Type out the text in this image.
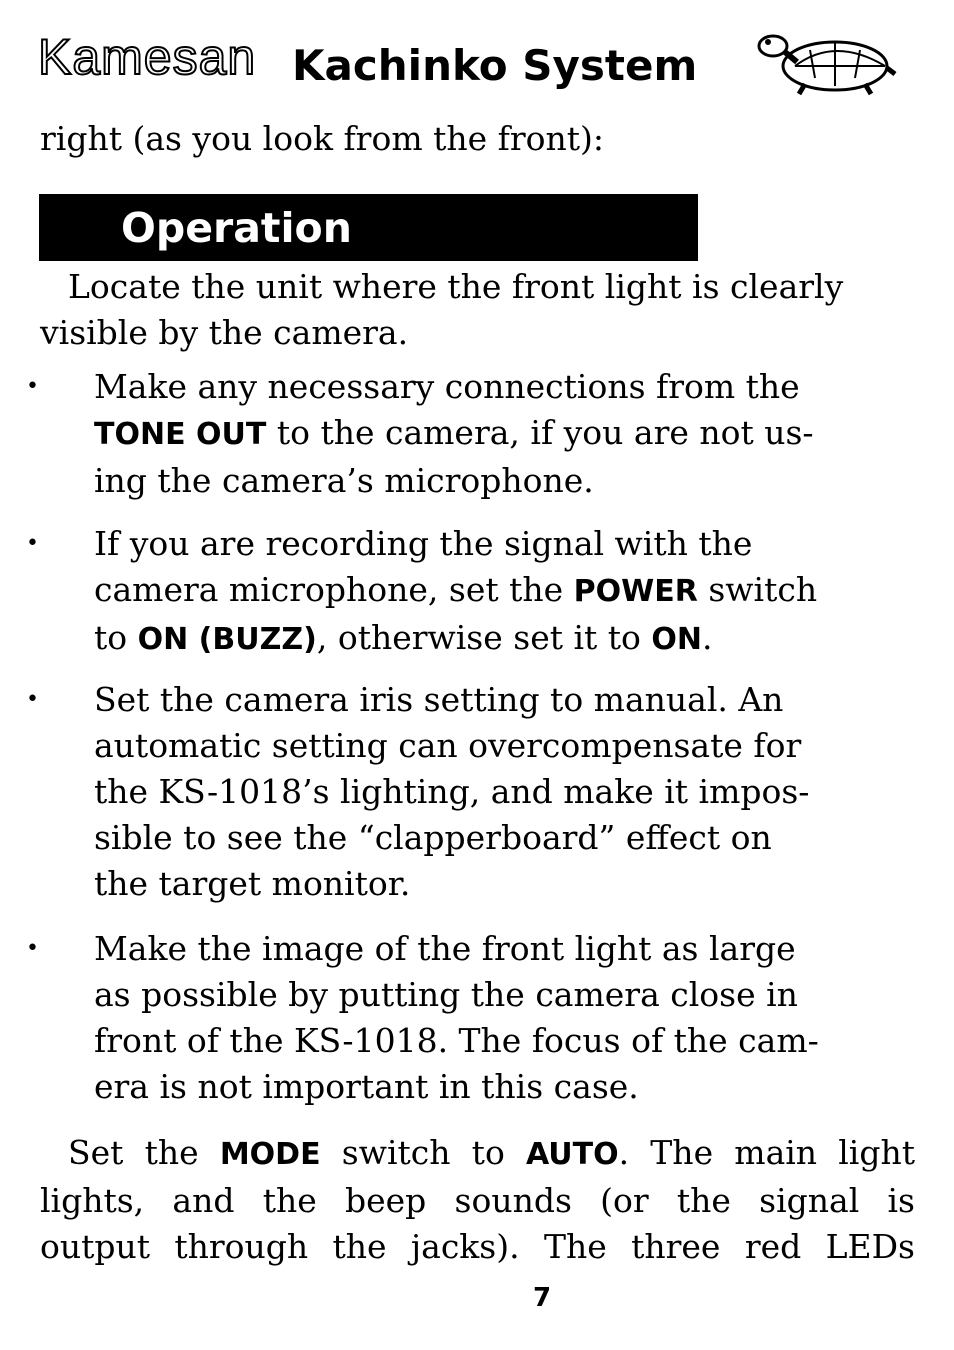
Kamesan Kachinko System
right (as you look from the front):
Operation

Locate the unit where the front light is clearly visible by the camera.

• Make any necessary connections from the
TONE OUT to the camera, if you are not us-
ing the camera’s microphone.
• If you are recording the signal with the
camera microphone, set the POWER switch
to ON (BUZZ), otherwise set it to ON.
• Set the camera iris setting to manual. An
automatic setting can overcompensate for
the KS-1018’s lighting, and make it impos-
sible to see the “clapperboard” effect on
the target monitor.
• Make the image of the front light as large
as possible by putting the camera close in
front of the KS-1018. The focus of the cam-
era is not important in this case.
Set the MODE switch to AUTO. The main light
lights, and the beep sounds (or the signal is
output through the jacks). The three red LEDs
7
